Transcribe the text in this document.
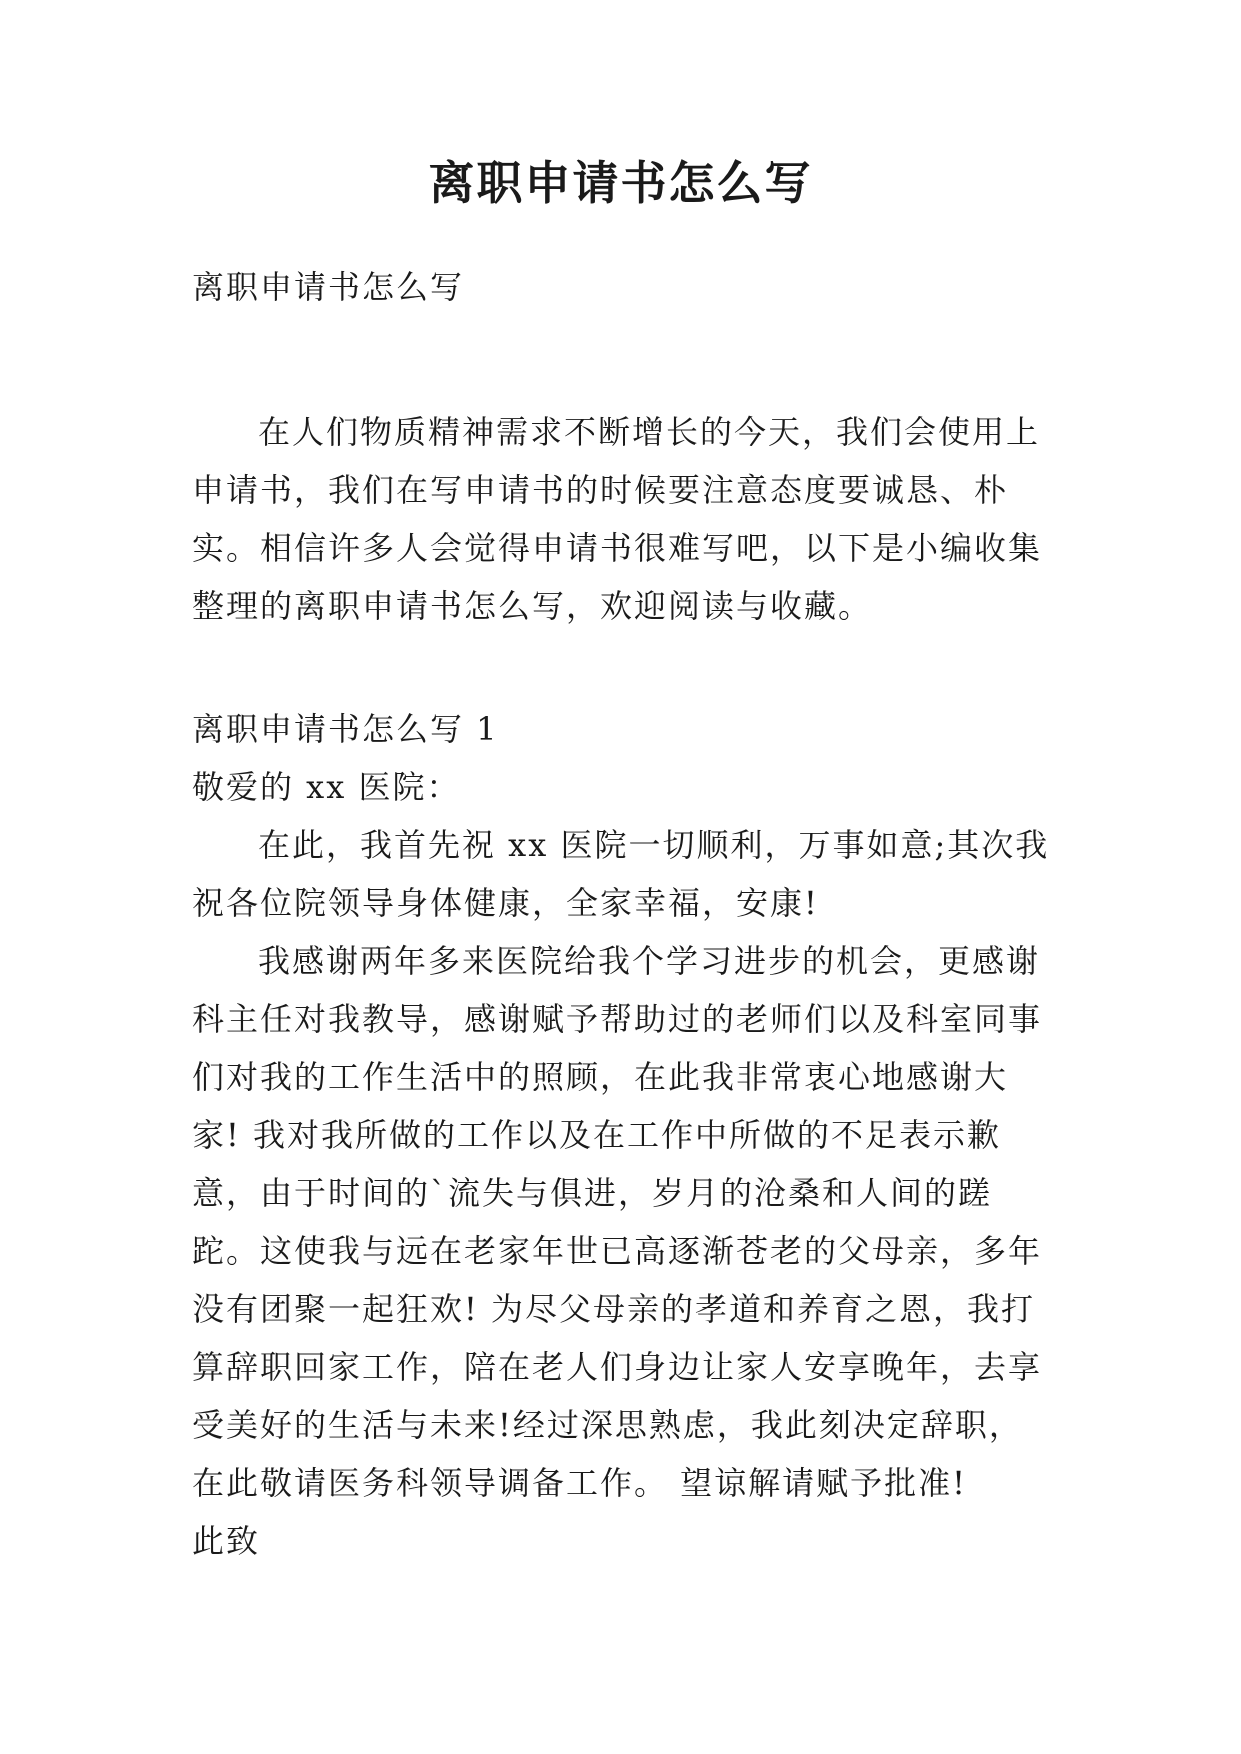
离职申请书怎么写
离职申请书怎么写
在人们物质精神需求不断增长的今天，我们会使用上申请书，我们在写申请书的时候要注意态度要诚恳、朴实。相信许多人会觉得申请书很难写吧，以下是小编收集整理的离职申请书怎么写，欢迎阅读与收藏。

离职申请书怎么写 1

敬爱的 xx 医院：

在此，我首先祝 xx 医院一切顺利，万事如意;其次我祝各位院领导身体健康，全家幸福，安康!

我感谢两年多来医院给我个学习进步的机会，更感谢科主任对我教导，感谢赋予帮助过的老师们以及科室同事们对我的工作生活中的照顾，在此我非常衷心地感谢大家! 我对我所做的工作以及在工作中所做的不足表示歉意，由于时间的`流失与俱进，岁月的沧桑和人间的蹉跎。这使我与远在老家年世已高逐渐苍老的父母亲，多年没有团聚一起狂欢! 为尽父母亲的孝道和养育之恩，我打算辞职回家工作，陪在老人们身边让家人安享晚年，去享受美好的生活与未来!经过深思熟虑，我此刻决定辞职，在此敬请医务科领导调备工作。 望谅解请赋予批准!

此致
